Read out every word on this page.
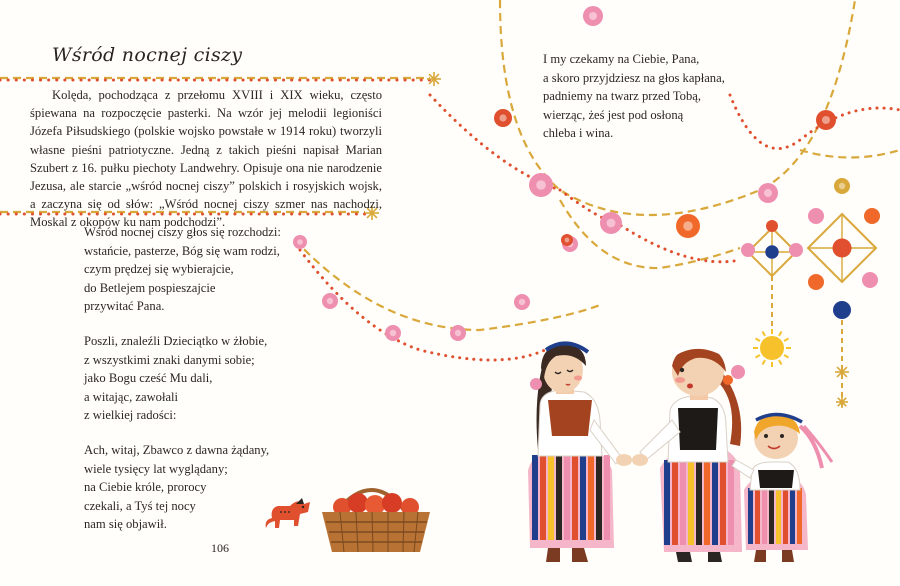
Wśród nocnej ciszy

Kolęda, pochodząca z przełomu XVIII i XIX wieku, często śpiewana na rozpoczęcie pasterki. Na wzór jej melodii legioniści Józefa Piłsudskiego (polskie wojsko powstałe w 1914 roku) tworzyli własne pieśni patriotyczne. Jedną z takich pieśni napisał Marian Szubert z 16. pułku piechoty Landwehry. Opisuje ona nie narodzenie Jezusa, ale starcie „wśród nocnej ciszy” polskich i rosyjskich wojsk, a zaczyna się od słów: „Wśród nocnej ciszy szmer nas nachodzi, Moskal z okopów ku nam podchodzi”.

Wśród nocnej ciszy głos się rozchodzi:
wstańcie, pasterze, Bóg się wam rodzi,
czym prędzej się wybierajcie,
do Betlejem pospieszajcie
przywitać Pana.
Poszli, znaleźli Dzieciątko w żłobie,
z wszystkimi znaki danymi sobie;
jako Bogu cześć Mu dali,
a witając, zawołali
z wielkiej radości:
Ach, witaj, Zbawco z dawna żądany,
wiele tysięcy lat wyglądany;
na Ciebie króle, prorocy
czekali, a Tyś tej nocy
nam się objawił.
I my czekamy na Ciebie, Pana,
a skoro przyjdziesz na głos kapłana,
padniemy na twarz przed Tobą,
wierząc, żeś jest pod osłoną
chleba i wina.
106
